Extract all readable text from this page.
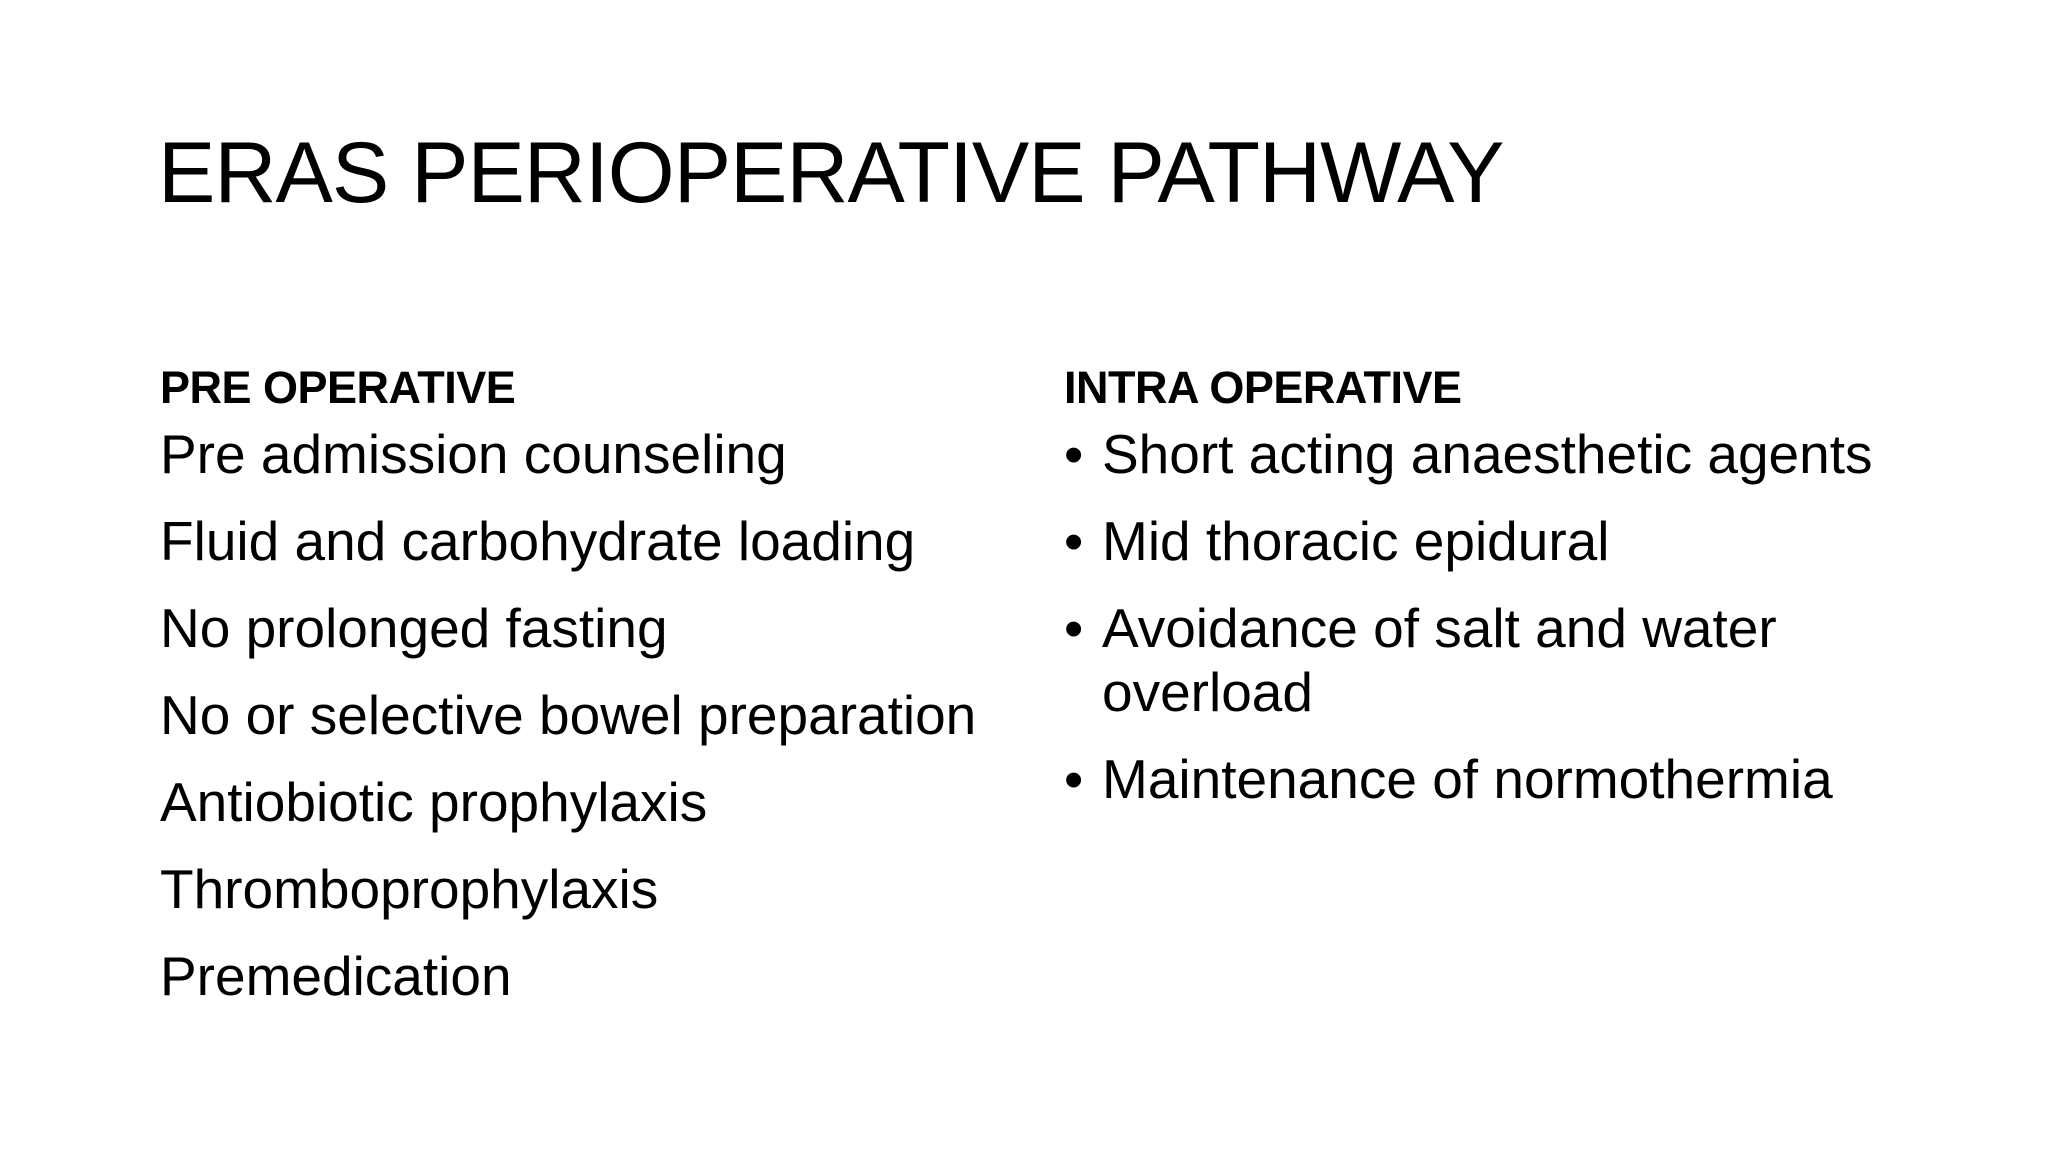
ERAS PERIOPERATIVE PATHWAY
PRE OPERATIVE
Pre admission counseling
Fluid and carbohydrate loading
No prolonged fasting
No or selective bowel preparation
Antiobiotic prophylaxis
Thromboprophylaxis
Premedication
INTRA OPERATIVE
• Short acting anaesthetic agents
• Mid thoracic epidural
• Avoidance of salt and water overload
• Maintenance of normothermia
